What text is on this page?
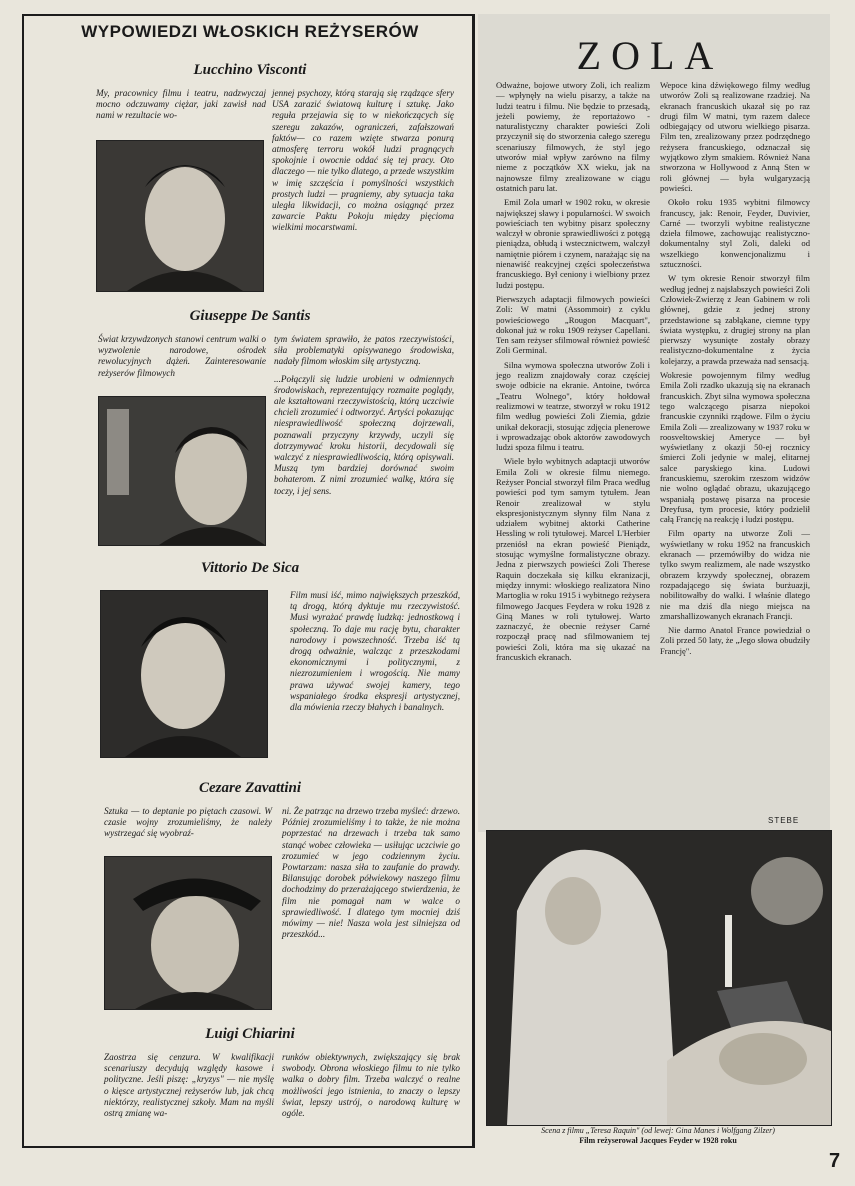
WYPOWIEDZI WŁOSKICH REŻYSERÓW
Lucchino Visconti

My, pracownicy filmu i teatru, nadzwyczaj mocno odczuwamy ciężar, jaki zawisł nad nami w rezultacie wo-

jennej psychozy, którą starają się rządzące sfery USA zarazić światową kulturę i sztukę. Jako reguła przejawia się to w niekończących się szeregu zakazów, ograniczeń, zafałszowań faktów— co razem wzięte stwarza ponurą atmosferę terroru wokół ludzi pragnących spokojnie i owocnie oddać się tej pracy. Oto dlaczego — nie tylko dlatego, a przede wszystkim w imię szczęścia i pomyślności wszystkich prostych ludzi — pragniemy, aby sytuacja taka uległa likwidacji, co można osiągnąć przez zawarcie Paktu Pokoju między pięcioma wielkimi mocarstwami.

Giuseppe De Santis

Świat krzywdzonych stanowi centrum walki o wyzwolenie narodowe, ośrodek rewolucyjnych dążeń. Zainteresowanie reżyserów filmowych

tym światem sprawiło, że patos rzeczywistości, siła problematyki opisywanego środowiska, nadały filmom włoskim siłę artystyczną.

...Połączyli się ludzie urobieni w odmiennych środowiskach, reprezentujący rozmaite poglądy, ale kształtowani rzeczywistością, którą uczciwie chcieli zrozumieć i odtworzyć. Artyści pokazując niesprawiedliwość społeczną dojrzewali, poznawali przyczyny krzywdy, uczyli się dotrzymywać kroku historii, decydowali się walczyć z niesprawiedliwością, którą opisywali. Muszą tym bardziej dorównać swoim bohaterom. Z nimi zrozumieć walkę, która się toczy, i jej sens.

Vittorio De Sica

Film musi iść, mimo największych przeszkód, tą drogą, którą dyktuje mu rzeczywistość. Musi wyrażać prawdę ludzką: jednostkową i społeczną. To daje mu rację bytu, charakter narodowy i powszechność. Trzeba iść tą drogą odważnie, walcząc z przeszkodami ekonomicznymi i politycznymi, z niezrozumieniem i wrogością. Nie mamy prawa używać swojej kamery, tego wspaniałego środka ekspresji artystycznej, dla mówienia rzeczy błahych i banalnych.

Cezare Zavattini

Sztuka — to deptanie po piętach czasowi. W czasie wojny zrozumieliśmy, że należy wystrzegać się wyobraź-

ni. Że patrząc na drzewo trzeba myśleć: drzewo. Później zrozumieliśmy i to także, że nie można poprzestać na drzewach i trzeba tak samo stanąć wobec człowieka — usiłując uczciwie go zrozumieć w jego codziennym życiu. Powtarzam: nasza siła to zaufanie do prawdy. Bilansując dorobek półwiekowy naszego filmu dochodzimy do przerażającego stwierdzenia, że film nie pomagał nam w walce o sprawiedliwość. I dlatego tym mocniej dziś mówimy — nie! Nasza wola jest silniejsza od przeszkód...

Luigi Chiarini

Zaostrza się cenzura. W kwalifikacji scenariuszy decydują względy kasowe i polityczne. Jeśli piszę: „kryzys" — nie myślę o kięsce artystycznej reżyserów lub, jak chcą niektórzy, realistycznej szkoły. Mam na myśli ostrą zmianę wa-

runków obiektywnych, zwiększający się brak swobody. Obrona włoskiego filmu to nie tylko walka o dobry film. Trzeba walczyć o realne możliwości jego istnienia, to znaczy o lepszy świat, lepszy ustrój, o narodową kulturę w ogóle.

ZOLA

Odważne, bojowe utwory Zoli, ich realizm — wpłynęły na wielu pisarzy, a także na ludzi teatru i filmu. Nie będzie to przesadą, jeżeli powiemy, że reportażowo - naturalistyczny charakter powieści Zoli przyczynił się do stworzenia całego szeregu scenariuszy filmowych, że styl jego utworów miał wpływ zarówno na filmy nieme z początków XX wieku, jak na najnowsze filmy zrealizowane w ciągu ostatnich paru lat.

Emil Zola umarł w 1902 roku, w okresie największej sławy i popularności. W swoich powieściach ten wybitny pisarz społeczny walczył w obronie sprawiedliwości z potęgą pieniądza, obłudą i wstecznictwem, walczył namiętnie piórem i czynem, narażając się na nienawiść reakcyjnej części społeczeństwa francuskiego. Był ceniony i wielbiony przez ludzi postępu.

Pierwszych adaptacji filmowych powieści Zoli: W matni (Assommoir) z cyklu powieściowego „Rougon Macquart", dokonał już w roku 1909 reżyser Capellani. Ten sam reżyser sfilmował również powieść Zoli Germinal.

Silna wymowa społeczna utworów Zoli i jego realizm znajdowały coraz częściej swoje odbicie na ekranie. Antoine, twórca „Teatru Wolnego", który hołdował realizmowi w teatrze, stworzył w roku 1912 film według powieści Zoli Ziemia, gdzie unikał dekoracji, stosując zdjęcia plenerowe i wprowadzając obok aktorów zawodowych ludzi spoza filmu i teatru.

Wiele było wybitnych adaptacji utworów Emila Zoli w okresie filmu niemego. Reżyser Poncial stworzył film Praca według powieści pod tym samym tytułem. Jean Renoir zrealizował w stylu ekspresjonistycznym słynny film Nana z udziałem wybitnej aktorki Catherine Hessling w roli tytułowej. Marcel L'Herbier przeniósł na ekran powieść Pieniądz, stosując wymyślne formalistyczne obrazy. Jedna z pierwszych powieści Zoli Therese Raquin doczekała się kilku ekranizacji, między innymi: włoskiego realizatora Nino Martoglia w roku 1915 i wybitnego reżysera filmowego Jacques Feydera w roku 1928 z Giną Manes w roli tytułowej. Warto zaznaczyć, że obecnie reżyser Carné rozpoczął pracę nad sfilmowaniem tej powieści Zoli, która ma się ukazać na francuskich ekranach.

Wepoce kina dźwiękowego filmy według utworów Zoli są realizowane rzadziej. Na ekranach francuskich ukazał się po raz drugi film W matni, tym razem dalece odbiegający od utworu wielkiego pisarza. Film ten, zrealizowany przez podrzędnego reżysera francuskiego, odznaczał się wyjątkowo złym smakiem. Również Nana stworzona w Hollywood z Anną Sten w roli głównej — była wulgaryzacją powieści.

Około roku 1935 wybitni filmowcy francuscy, jak: Renoir, Feyder, Duvivier, Carné — tworzyli wybitne realistyczne dzieła filmowe, zachowując realistyczno-dokumentalny styl Zoli, daleki od wszelkiego konwencjonalizmu i sztuczności.

W tym okresie Renoir stworzył film według jednej z najsłabszych powieści Zoli Człowiek-Zwierzę z Jean Gabinem w roli głównej, gdzie z jednej strony przedstawione są zabłąkane, ciemne typy świata występku, z drugiej strony na plan pierwszy wysunięte zostały obrazy realistyczno-dokumentalne z życia kolejarzy, a prawda przeważa nad sensacją.

Wokresie powojennym filmy według Emila Zoli rzadko ukazują się na ekranach francuskich. Zbyt silna wymowa społeczna tego walczącego pisarza niepokoi francuskie czynniki rządowe. Film o życiu Emila Zoli — zrealizowany w 1937 roku w roosveltowskiej Ameryce — był wyświetlany z okazji 50-ej rocznicy śmierci Zoli jedynie w malej, elitarnej salce paryskiego kina. Ludowi francuskiemu, szerokim rzeszom widzów nie wolno oglądać obrazu, ukazującego wspaniałą postawę pisarza na procesie Dreyfusa, tym procesie, który podzielił całą Francję na reakcję i ludzi postępu.

Film oparty na utworze Zoli — wyświetlany w roku 1952 na francuskich ekranach — przemówiłby do widza nie tylko swym realizmem, ale nade wszystko obrazem krzywdy społecznej, obrazem rozpadającego się świata burżuazji, nobilitowałby do walki. I właśnie dlatego nie ma dziś dla niego miejsca na zmarshallizowanych ekranach Francji.

Nie darmo Anatol France powiedział o Zoli przed 50 laty, że „Jego słowa obudziły Francję".

STEBE
Scena z filmu „Teresa Raquin" (od lewej: Gina Manes i Wolfgang Zilzer)
Film reżyserował Jacques Feyder w 1928 roku
7
